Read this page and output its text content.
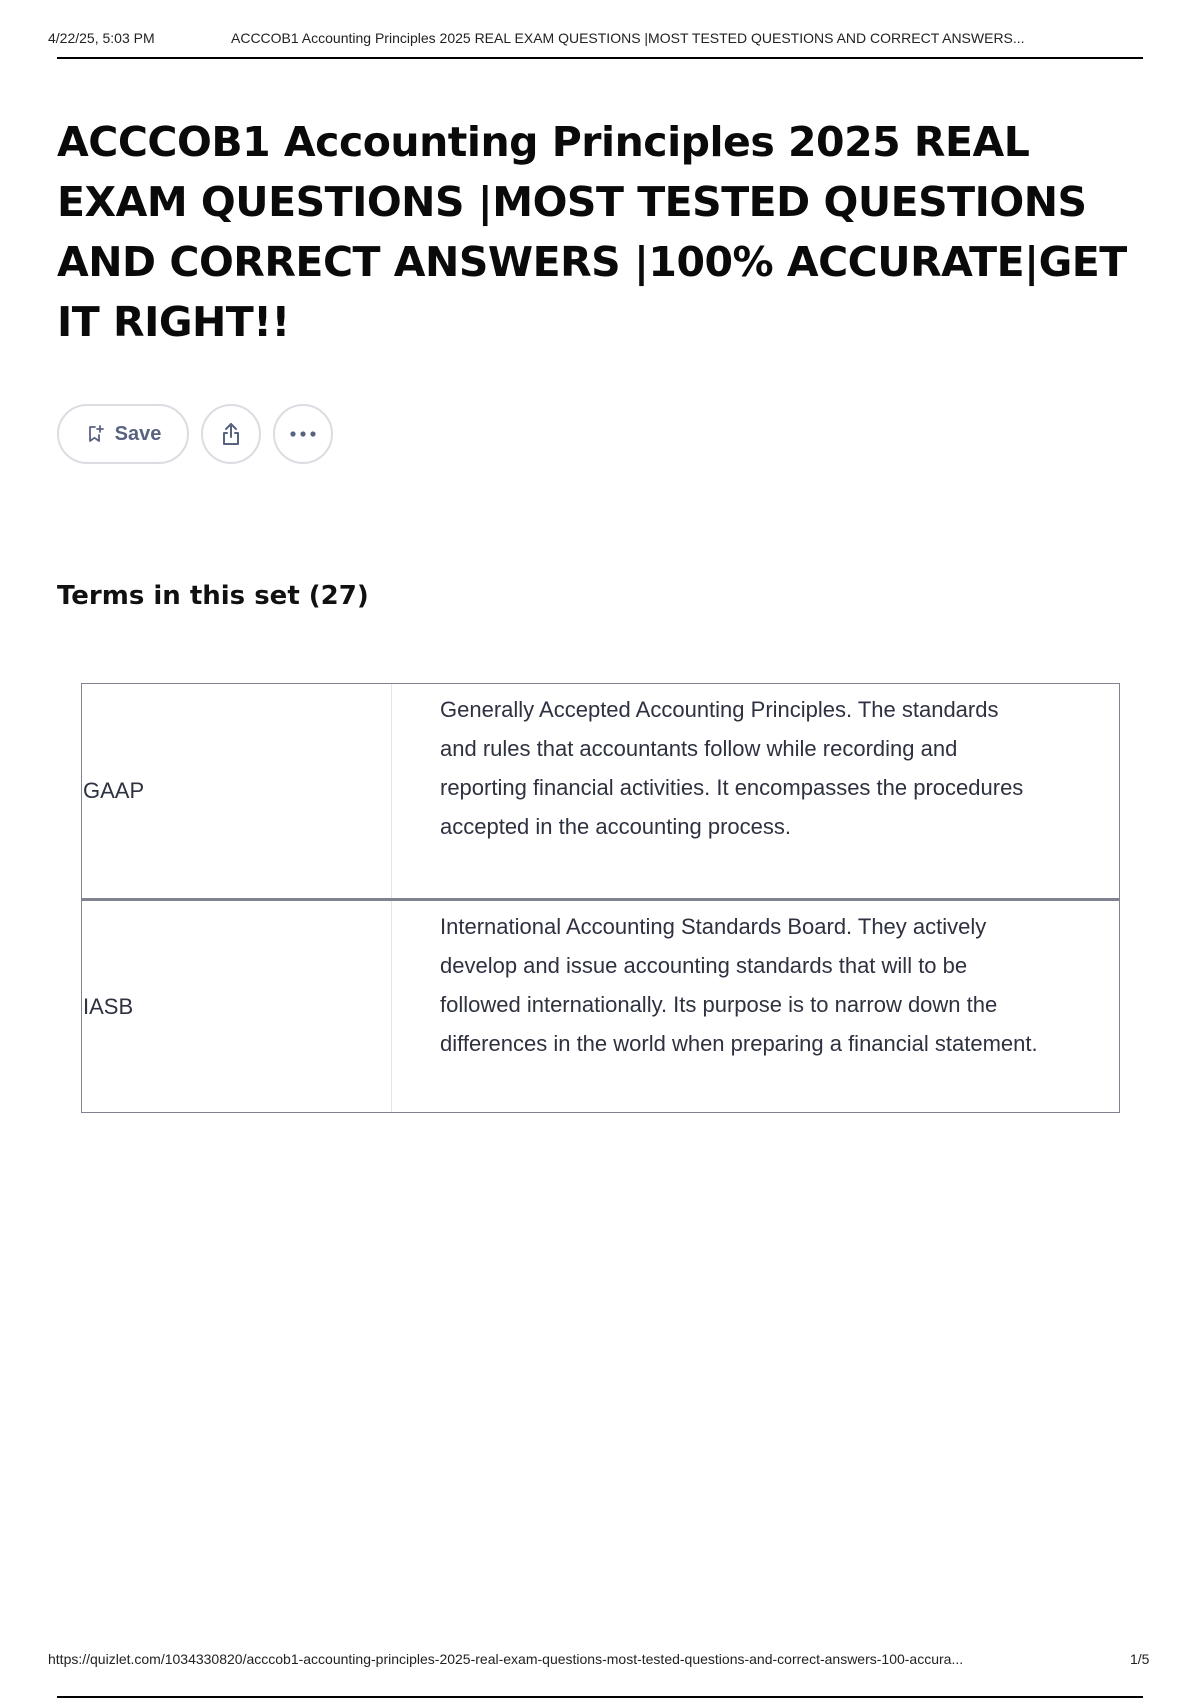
4/22/25, 5:03 PM	ACCCOB1 Accounting Principles 2025 REAL EXAM QUESTIONS |MOST TESTED QUESTIONS AND CORRECT ANSWERS...
ACCCOB1 Accounting Principles 2025 REAL EXAM QUESTIONS |MOST TESTED QUESTIONS AND CORRECT ANSWERS |100% ACCURATE|GET IT RIGHT!!
Save
Terms in this set (27)
GAAP
Generally Accepted Accounting Principles. The standards and rules that accountants follow while recording and reporting financial activities. It encompasses the procedures accepted in the accounting process.
IASB
International Accounting Standards Board. They actively develop and issue accounting standards that will to be followed internationally. Its purpose is to narrow down the differences in the world when preparing a financial statement.
https://quizlet.com/1034330820/acccob1-accounting-principles-2025-real-exam-questions-most-tested-questions-and-correct-answers-100-accura...	1/5
